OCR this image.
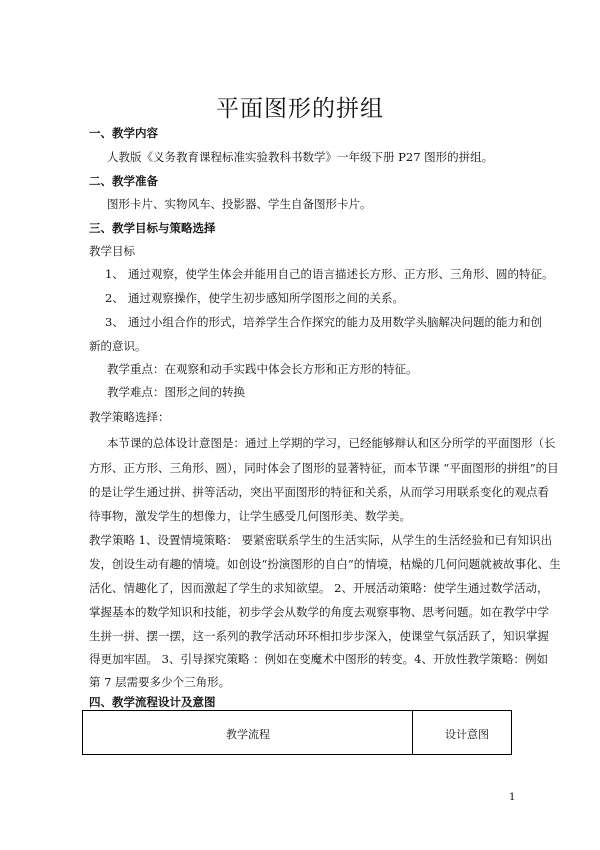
平面图形的拼组
一、教学内容
人教版《义务教育课程标准实验教科书数学》一年级下册 P27 图形的拼组。
二、教学准备
图形卡片、实物风车、投影器、学生自备图形卡片。
三、教学目标与策略选择
教学目标
1、 通过观察，使学生体会并能用自己的语言描述长方形、正方形、三角形、圆的特征。
2、 通过观察操作，使学生初步感知所学图形之间的关系。
3、 通过小组合作的形式，培养学生合作探究的能力及用数学头脑解决问题的能力和创
新的意识。
教学重点：在观察和动手实践中体会长方形和正方形的特征。
教学难点：图形之间的转换
教学策略选择：
本节课的总体设计意图是：通过上学期的学习，已经能够辩认和区分所学的平面图形（长
方形、正方形、三角形、圆），同时体会了图形的显著特征，而本节课 “平面图形的拼组”的目
的是让学生通过拼、拼等活动，突出平面图形的特征和关系，从而学习用联系变化的观点看
待事物，激发学生的想像力，让学生感受几何图形美、数学美。
教学策略 1、设置情境策略： 要紧密联系学生的生活实际，从学生的生活经验和已有知识出
发，创设生动有趣的情境。如创设“扮演图形的自白”的情境，枯燥的几何问题就被故事化、生
活化、情趣化了，因而激起了学生的求知欲望。 2、开展活动策略：使学生通过数学活动，
掌握基本的数学知识和技能，初步学会从数学的角度去观察事物、思考问题。如在教学中学
生拼一拼、摆一摆，这一系列的教学活动环环相扣步步深入，使课堂气氛活跃了，知识掌握
得更加牢固。 3、引导探究策略 ：例如在变魔术中图形的转变。4、开放性教学策略：例如
第 7 层需要多少个三角形。
四、教学流程设计及意图
教学流程	设计意图
1
